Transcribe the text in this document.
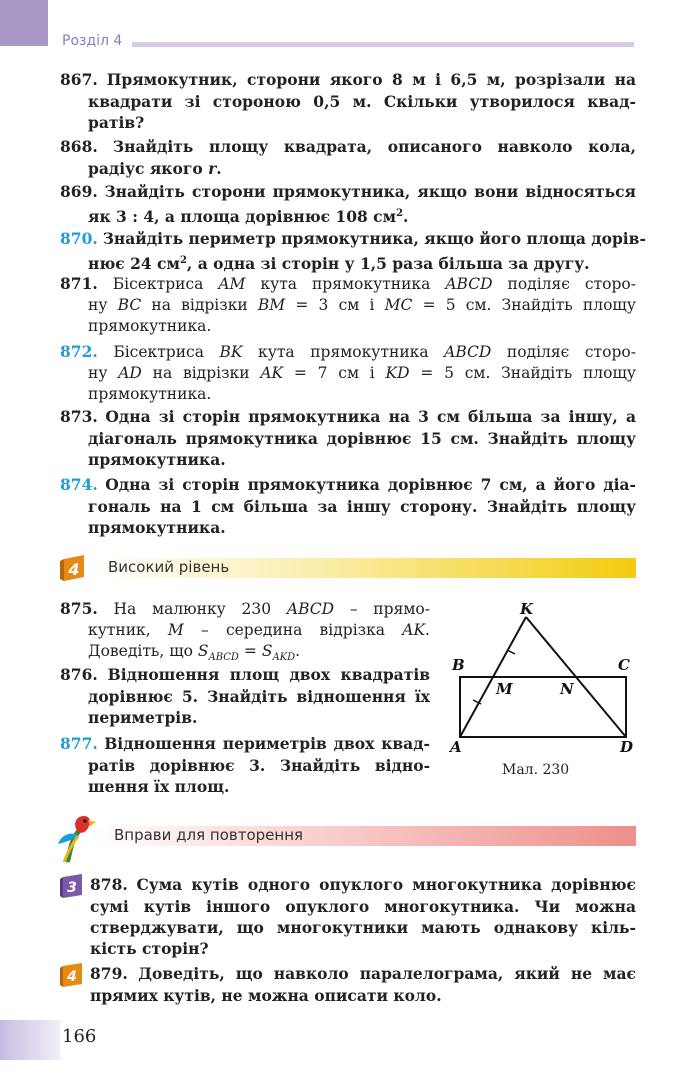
Розділ 4
867. Прямокутник, сторони якого 8 м і 6,5 м, розрізали на
квадрати зі стороною 0,5 м. Скільки утворилося квад-
ратів?
868. Знайдіть площу квадрата, описаного навколо кола,
радіус якого r.
869. Знайдіть сторони прямокутника, якщо вони відносяться
як 3 : 4, а площа дорівнює 108 $см^2$.
870. Знайдіть периметр прямокутника, якщо його площа дорів-
нює 24 $см^2$, а одна зі сторін у 1,5 раза більша за другу.
871. Бісектриса AM кута прямокутника ABCD поділяє сторо-
ну BC на відрізки BM = 3 см і MC = 5 см. Знайдіть площу
прямокутника.
872. Бісектриса BK кута прямокутника ABCD поділяє сторо-
ну AD на відрізки AK = 7 см і KD = 5 см. Знайдіть площу
прямокутника.
873. Одна зі сторін прямокутника на 3 см більша за іншу, а
діагональ прямокутника дорівнює 15 см. Знайдіть площу
прямокутника.
874. Одна зі сторін прямокутника дорівнює 7 см, а його діа-
гональ на 1 см більша за іншу сторону. Знайдіть площу
прямокутника.
4 Високий рівень
875. На малюнку 230 ABCD – прямо-
кутник, M – середина відрізка AK.
Доведіть, що $S_{ABCD} = S_{AKD}$.
876. Відношення площ двох квадратів
дорівнює 5. Знайдіть відношення їх
периметрів.
877. Відношення периметрів двох квад-
ратів дорівнює 3. Знайдіть відно-
шення їх площ.
K
B	C
M	N
A	D
Мал. 230
Вправи для повторення
3 878. Сума кутів одного опуклого многокутника дорівнює
сумі кутів іншого опуклого многокутника. Чи можна
стверджувати, що многокутники мають однакову кіль-
кість сторін?
4 879. Доведіть, що навколо паралелограма, який не має
прямих кутів, не можна описати коло.
166
